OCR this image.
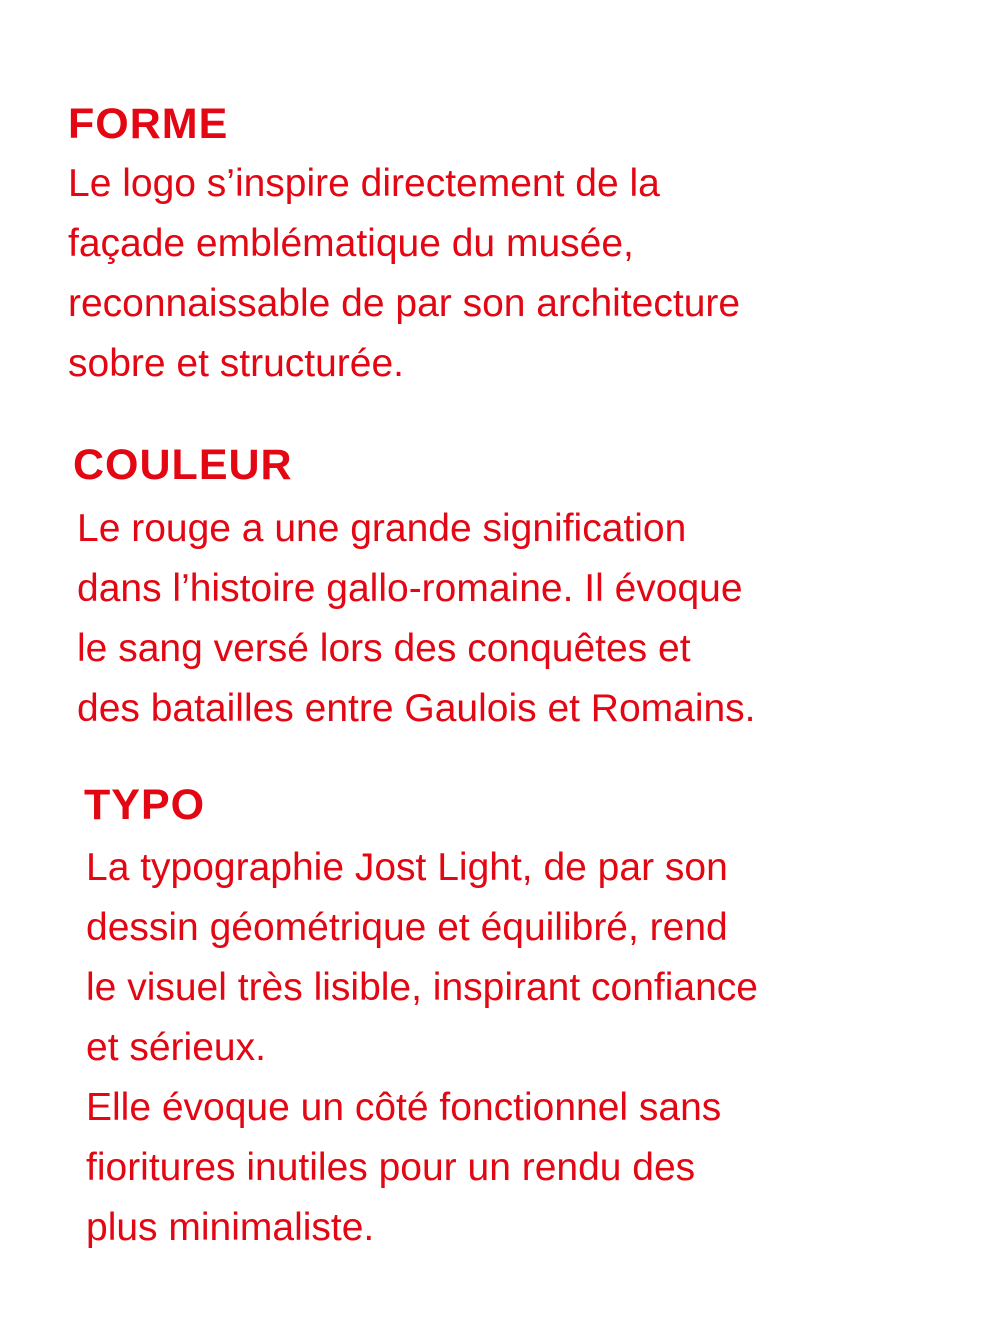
FORME

Le logo s’inspire directement de la
façade emblématique du musée,
reconnaissable de par son architecture
sobre et structurée.

COULEUR

Le rouge a une grande signification
dans l’histoire gallo-romaine. Il évoque
le sang versé lors des conquêtes et
des batailles entre Gaulois et Romains.

TYPO

La typographie Jost Light, de par son
dessin géométrique et équilibré, rend
le visuel très lisible, inspirant confiance
et sérieux.
Elle évoque un côté fonctionnel sans
fioritures inutiles pour un rendu des
plus minimaliste.
